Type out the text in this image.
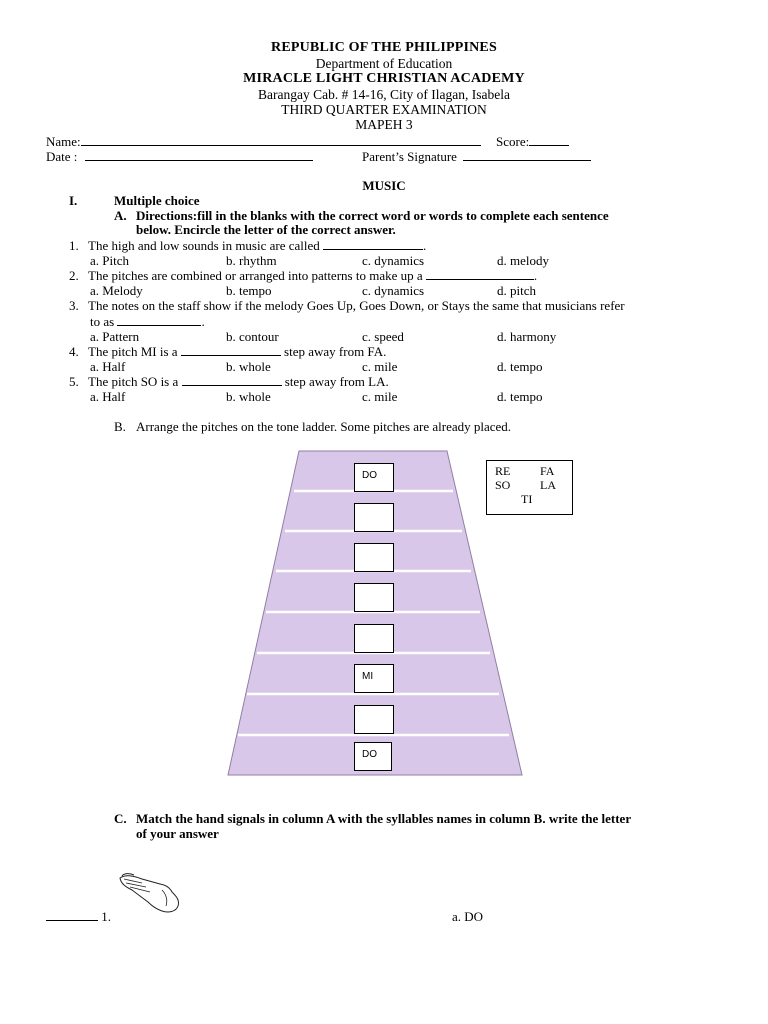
REPUBLIC OF THE PHILIPPINES
Department of Education
MIRACLE LIGHT CHRISTIAN ACADEMY
Barangay Cab. # 14-16, City of Ilagan, Isabela
THIRD QUARTER EXAMINATION
MAPEH 3
Name:	Score:
Date :	Parent’s Signature
MUSIC
I.	Multiple choice
A. Directions:fill in the blanks with the correct word or words to complete each sentence
below. Encircle the letter of the correct answer.
1. The high and low sounds in music are called	.
a. Pitch	b. rhythm	c. dynamics	d. melody
2. The pitches are combined or arranged into patterns to make up a	.
a. Melody	b. tempo	c. dynamics	d. pitch
3. The notes on the staff show if the melody Goes Up, Goes Down, or Stays the same that musicians refer
to as	.
a. Pattern	b. contour	c. speed	d. harmony
4. The pitch MI is a	step away from FA.
a. Half	b. whole	c. mile	d. tempo
5. The pitch SO is a	step away from LA.
a. Half	b. whole	c. mile	d. tempo
B. Arrange the pitches on the tone ladder. Some pitches are already placed.
DO
MI
DO
RE FA
SO LA
TI
C. Match the hand signals in column A with the syllables names in column B. write the letter
of your answer
1.	a. DO
